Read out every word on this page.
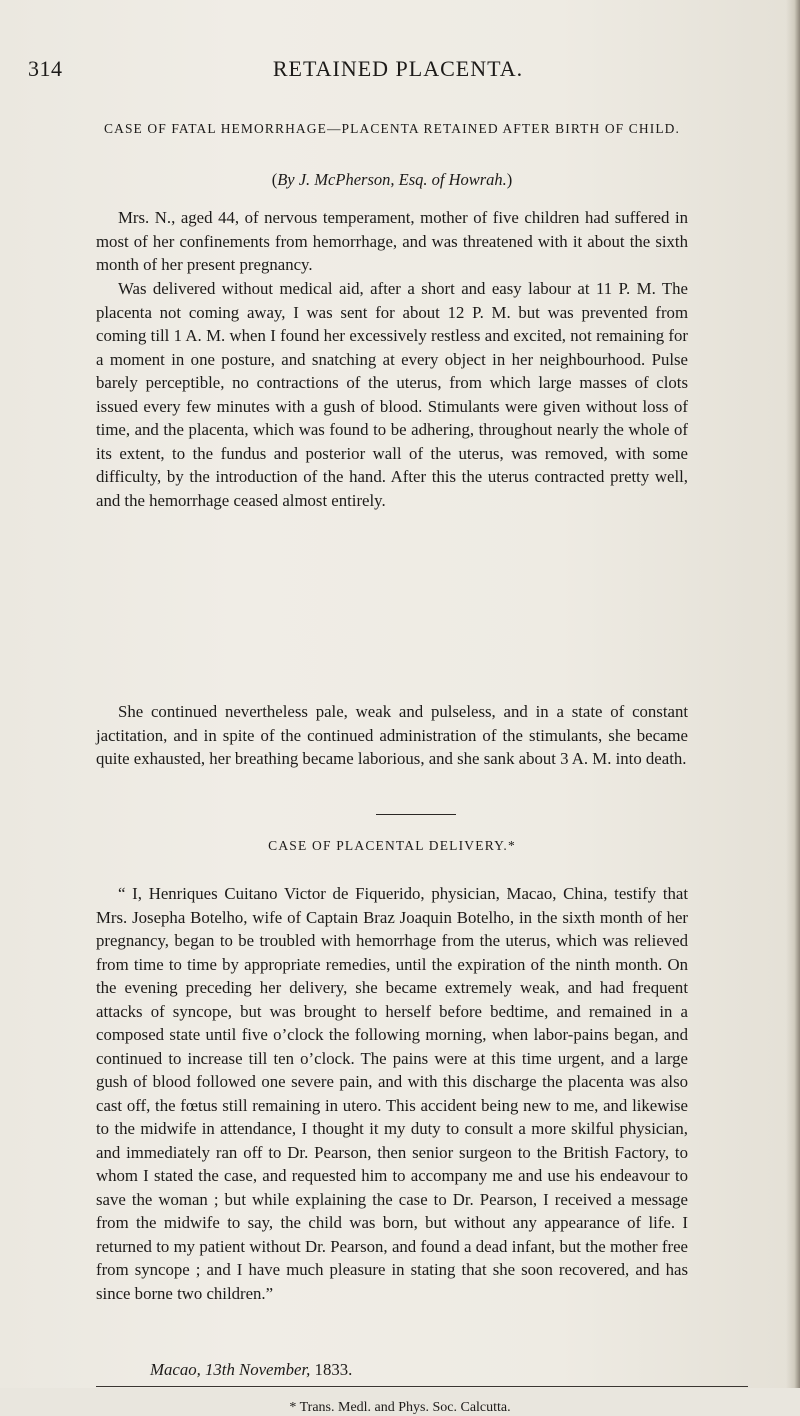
314	RETAINED PLACENTA.
CASE OF FATAL HEMORRHAGE—PLACENTA RETAINED AFTER BIRTH OF CHILD.
(By J. McPherson, Esq. of Howrah.)

Mrs. N., aged 44, of nervous temperament, mother of five children had suffered in most of her confinements from hemorrhage, and was threatened with it about the sixth month of her present pregnancy.

Was delivered without medical aid, after a short and easy labour at 11 P. M. The placenta not coming away, I was sent for about 12 P. M. but was prevented from coming till 1 A. M. when I found her excessively restless and excited, not remaining for a moment in one posture, and snatching at every object in her neighbourhood. Pulse barely perceptible, no contractions of the uterus, from which large masses of clots issued every few minutes with a gush of blood. Stimulants were given without loss of time, and the placenta, which was found to be adhering, throughout nearly the whole of its extent, to the fundus and posterior wall of the uterus, was removed, with some difficulty, by the introduction of the hand. After this the uterus contracted pretty well, and the hemorrhage ceased almost entirely.

She continued nevertheless pale, weak and pulseless, and in a state of constant jactitation, and in spite of the continued administration of the stimulants, she became quite exhausted, her breathing became laborious, and she sank about 3 A. M. into death.

CASE OF PLACENTAL DELIVERY.*

“ I, Henriques Cuitano Victor de Fiquerido, physician, Macao, China, testify that Mrs. Josepha Botelho, wife of Captain Braz Joaquin Botelho, in the sixth month of her pregnancy, began to be troubled with hemorrhage from the uterus, which was relieved from time to time by appropriate remedies, until the expiration of the ninth month. On the evening preceding her delivery, she became extremely weak, and had frequent attacks of syncope, but was brought to herself before bedtime, and remained in a composed state until five o’clock the following morning, when labor-pains began, and continued to increase till ten o’clock. The pains were at this time urgent, and a large gush of blood followed one severe pain, and with this discharge the placenta was also cast off, the fœtus still remaining in utero. This accident being new to me, and likewise to the midwife in attendance, I thought it my duty to consult a more skilful physician, and immediately ran off to Dr. Pearson, then senior surgeon to the British Factory, to whom I stated the case, and requested him to accompany me and use his endeavour to save the woman ; but while explaining the case to Dr. Pearson, I received a message from the midwife to say, the child was born, but without any appearance of life. I returned to my patient without Dr. Pearson, and found a dead infant, but the mother free from syncope ; and I have much pleasure in stating that she soon recovered, and has since borne two children.”

Macao, 13th November, 1833.
* Trans. Medl. and Phys. Soc. Calcutta.
